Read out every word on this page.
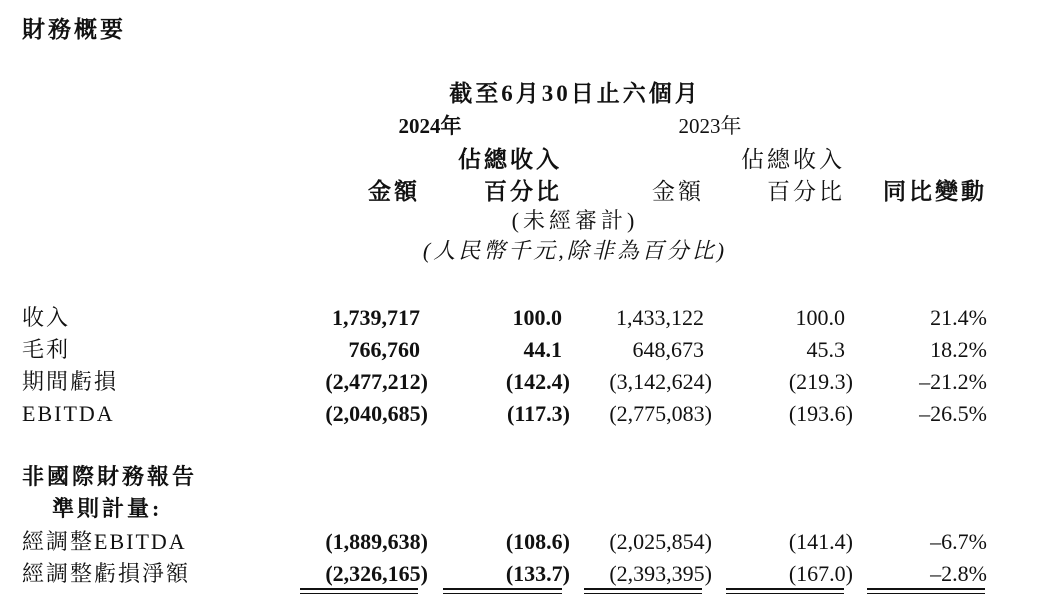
財務概要
截至6月30日止六個月
2024年	2023年
佔總收入	佔總收入
金額	百分比	金額	百分比	同比變動
(未經審計)
(人民幣千元,除非為百分比)
收入	1,739,717	100.0	1,433,122	100.0	21.4%
毛利	766,760	44.1	648,673	45.3	18.2%
期間虧損	(2,477,212)	(142.4)	(3,142,624)	(219.3)	–21.2%
EBITDA	(2,040,685)	(117.3)	(2,775,083)	(193.6)	–26.5%
非國際財務報告
準則計量:
經調整EBITDA	(1,889,638)	(108.6)	(2,025,854)	(141.4)	–6.7%
經調整虧損淨額	(2,326,165)	(133.7)	(2,393,395)	(167.0)	–2.8%
